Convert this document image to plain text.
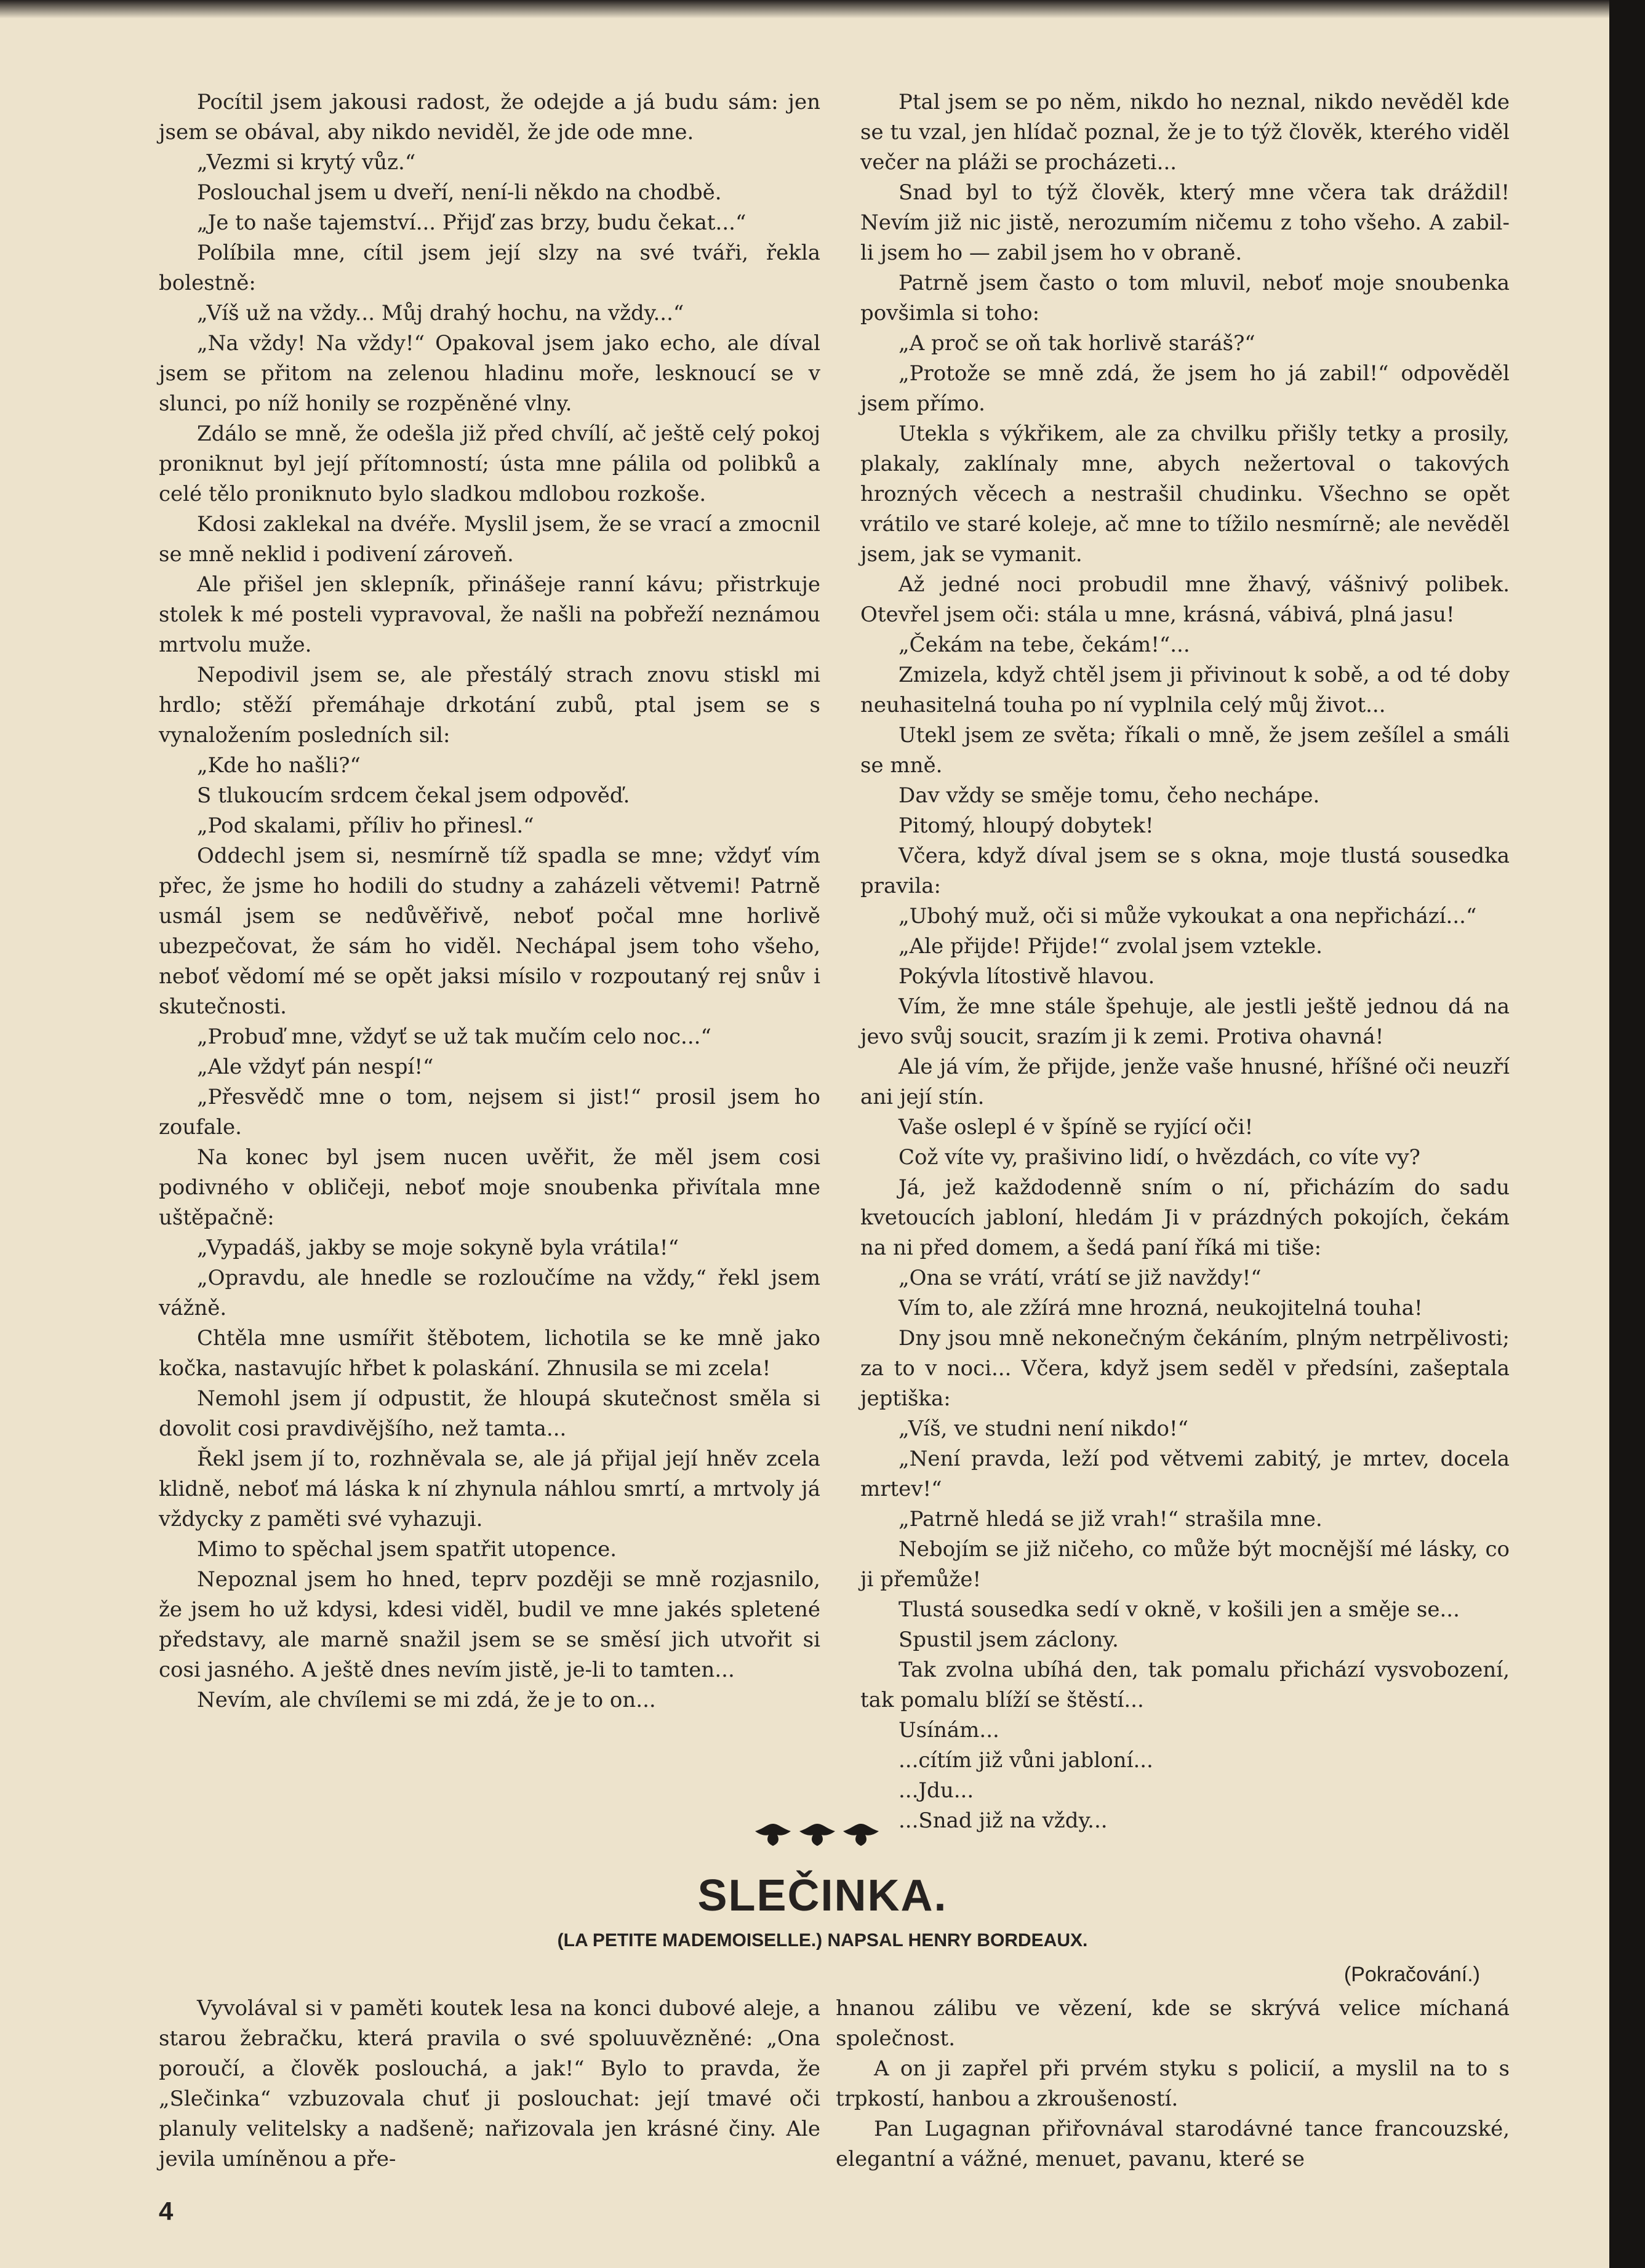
Pocítil jsem jakousi radost, že odejde a já budu sám: jen jsem se obával, aby nikdo neviděl, že jde ode mne.

„Vezmi si krytý vůz.“

Poslouchal jsem u dveří, není-li někdo na chodbě.

„Je to naše tajemství... Přijď zas brzy, budu čekat...“

Políbila mne, cítil jsem její slzy na své tváři, řekla bolestně:

„Víš už na vždy... Můj drahý hochu, na vždy...“

„Na vždy! Na vždy!“ Opakoval jsem jako echo, ale díval jsem se přitom na zelenou hladinu moře, lesknoucí se v slunci, po níž honily se rozpěněné vlny.

Zdálo se mně, že odešla již před chvílí, ač ještě celý pokoj proniknut byl její přítomností; ústa mne pálila od polibků a celé tělo proniknuto bylo sladkou mdlobou rozkoše.

Kdosi zaklekal na dvéře. Myslil jsem, že se vrací a zmocnil se mně neklid i podivení zároveň.

Ale přišel jen sklepník, přinášeje ranní kávu; přistrkuje stolek k mé posteli vypravoval, že našli na pobřeží neznámou mrtvolu muže.

Nepodivil jsem se, ale přestálý strach znovu stiskl mi hrdlo; stěží přemáhaje drkotání zubů, ptal jsem se s vynaložením posledních sil:

„Kde ho našli?“

S tlukoucím srdcem čekal jsem odpověď.

„Pod skalami, příliv ho přinesl.“

Oddechl jsem si, nesmírně tíž spadla se mne; vždyť vím přec, že jsme ho hodili do studny a zaházeli větvemi! Patrně usmál jsem se nedůvěřivě, neboť počal mne horlivě ubezpečovat, že sám ho viděl. Nechápal jsem toho všeho, neboť vědomí mé se opět jaksi mísilo v rozpoutaný rej snův i skutečnosti.

„Probuď mne, vždyť se už tak mučím celo noc...“

„Ale vždyť pán nespí!“

„Přesvědč mne o tom, nejsem si jist!“ prosil jsem ho zoufale.

Na konec byl jsem nucen uvěřit, že měl jsem cosi podivného v obličeji, neboť moje snoubenka přivítala mne uštěpačně:

„Vypadáš, jakby se moje sokyně byla vrátila!“

„Opravdu, ale hnedle se rozloučíme na vždy,“ řekl jsem vážně.

Chtěla mne usmířit štěbotem, lichotila se ke mně jako kočka, nastavujíc hřbet k polaskání. Zhnusila se mi zcela!

Nemohl jsem jí odpustit, že hloupá skutečnost směla si dovolit cosi pravdivějšího, než tamta...

Řekl jsem jí to, rozhněvala se, ale já přijal její hněv zcela klidně, neboť má láska k ní zhynula náhlou smrtí, a mrtvoly já vždycky z paměti své vyhazuji.

Mimo to spěchal jsem spatřit utopence.

Nepoznal jsem ho hned, teprv později se mně rozjasnilo, že jsem ho už kdysi, kdesi viděl, budil ve mne jakés spletené představy, ale marně snažil jsem se se směsí jich utvořit si cosi jasného. A ještě dnes nevím jistě, je-li to tamten...

Nevím, ale chvílemi se mi zdá, že je to on...

Ptal jsem se po něm, nikdo ho neznal, nikdo nevěděl kde se tu vzal, jen hlídač poznal, že je to týž člověk, kterého viděl večer na pláži se procházeti...

Snad byl to týž člověk, který mne včera tak dráždil! Nevím již nic jistě, nerozumím ničemu z toho všeho. A zabil-li jsem ho — zabil jsem ho v obraně.

Patrně jsem často o tom mluvil, neboť moje snoubenka povšimla si toho:

„A proč se oň tak horlivě staráš?“

„Protože se mně zdá, že jsem ho já zabil!“ odpověděl jsem přímo.

Utekla s výkřikem, ale za chvilku přišly tetky a prosily, plakaly, zaklínaly mne, abych nežertoval o takových hrozných věcech a nestrašil chudinku. Všechno se opět vrátilo ve staré koleje, ač mne to tížilo nesmírně; ale nevěděl jsem, jak se vymanit.

Až jedné noci probudil mne žhavý, vášnivý polibek. Otevřel jsem oči: stála u mne, krásná, vábivá, plná jasu!

„Čekám na tebe, čekám!“...

Zmizela, když chtěl jsem ji přivinout k sobě, a od té doby neuhasitelná touha po ní vyplnila celý můj život...

Utekl jsem ze světa; říkali o mně, že jsem zešílel a smáli se mně.

Dav vždy se směje tomu, čeho nechápe.

Pitomý, hloupý dobytek!

Včera, když díval jsem se s okna, moje tlustá sousedka pravila:

„Ubohý muž, oči si může vykoukat a ona nepřichází...“

„Ale přijde! Přijde!“ zvolal jsem vztekle.

Pokývla lítostivě hlavou.

Vím, že mne stále špehuje, ale jestli ještě jednou dá na jevo svůj soucit, srazím ji k zemi. Protiva ohavná!

Ale já vím, že přijde, jenže vaše hnusné, hříšné oči neuzří ani její stín.

Vaše oslepl é v špíně se ryjící oči!

Což víte vy, prašivino lidí, o hvězdách, co víte vy?

Já, jež každodenně sním o ní, přicházím do sadu kvetoucích jabloní, hledám Ji v prázdných pokojích, čekám na ni před domem, a šedá paní říká mi tiše:

„Ona se vrátí, vrátí se již navždy!“

Vím to, ale zžírá mne hrozná, neukojitelná touha!

Dny jsou mně nekonečným čekáním, plným netrpělivosti; za to v noci... Včera, když jsem seděl v předsíni, zašeptala jeptiška:

„Víš, ve studni není nikdo!“

„Není pravda, leží pod větvemi zabitý, je mrtev, docela mrtev!“

„Patrně hledá se již vrah!“ strašila mne.

Nebojím se již ničeho, co může být mocnější mé lásky, co ji přemůže!

Tlustá sousedka sedí v okně, v košili jen a směje se...

Spustil jsem záclony.

Tak zvolna ubíhá den, tak pomalu přichází vysvobození, tak pomalu blíží se štěstí...

Usínám...

...cítím již vůni jabloní...

...Jdu...

...Snad již na vždy...

SLEČINKA.
(LA PETITE MADEMOISELLE.) NAPSAL HENRY BORDEAUX.
(Pokračování.)

Vyvolával si v paměti koutek lesa na konci dubové aleje, a starou žebračku, která pravila o své spoluuvězněné: „Ona poroučí, a člověk poslouchá, a jak!“ Bylo to pravda, že „Slečinka“ vzbuzovala chuť ji poslouchat: její tmavé oči planuly velitelsky a nadšeně; nařizovala jen krásné činy. Ale jevila umíněnou a pře-

hnanou zálibu ve vězení, kde se skrývá velice míchaná společnost.

A on ji zapřel při prvém styku s policií, a myslil na to s trpkostí, hanbou a zkroušeností.

Pan Lugagnan přiřovnával starodávné tance francouzské, elegantní a vážné, menuet, pavanu, které se

4
